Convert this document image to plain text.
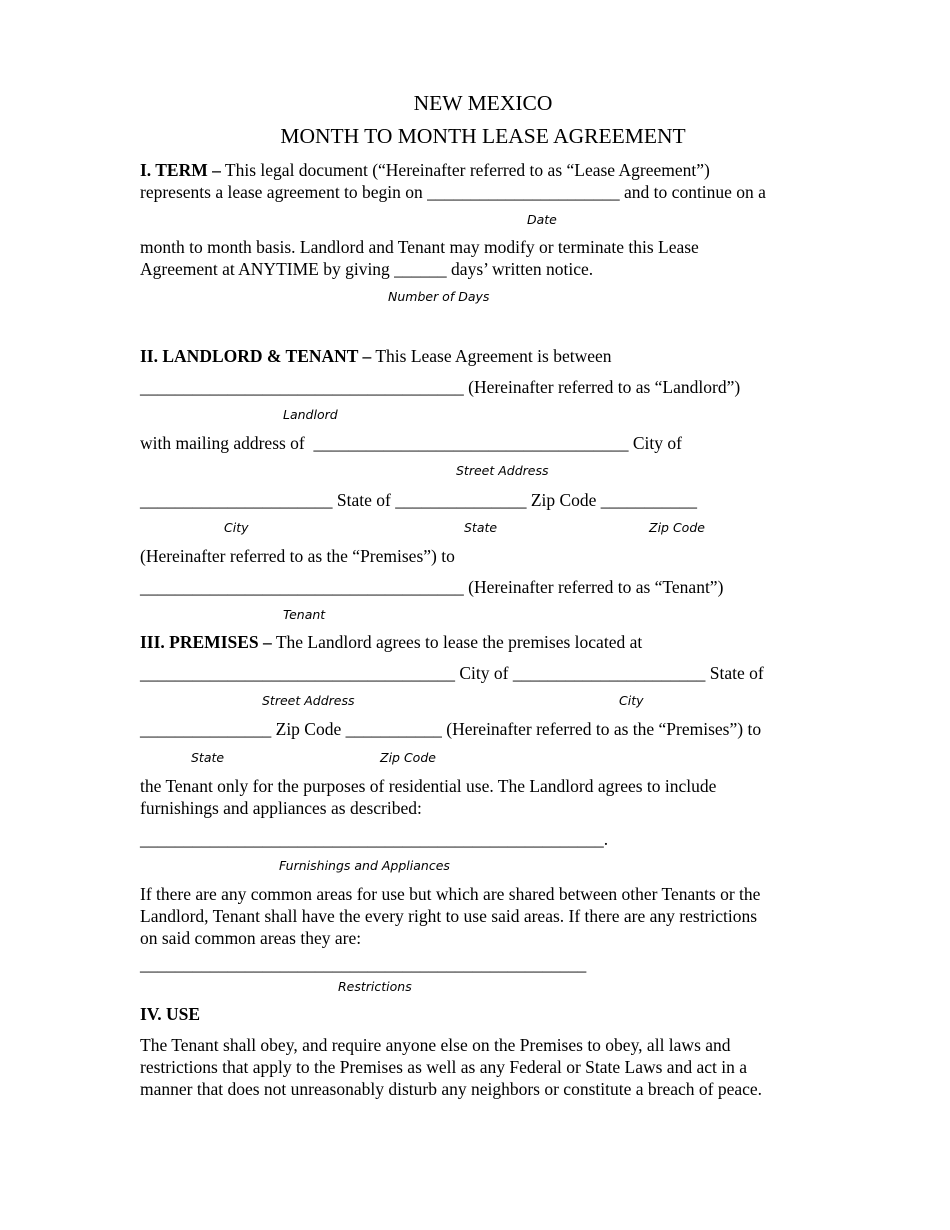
NEW MEXICO
MONTH TO MONTH LEASE AGREEMENT
I. TERM – This legal document (“Hereinafter referred to as “Lease Agreement”)
represents a lease agreement to begin on ______________________ and to continue on a
Date
month to month basis. Landlord and Tenant may modify or terminate this Lease
Agreement at ANYTIME by giving ______ days’ written notice.
Number of Days
II. LANDLORD & TENANT – This Lease Agreement is between
_____________________________________ (Hereinafter referred to as “Landlord”)
Landlord
with mailing address of  ____________________________________ City of
Street Address
______________________ State of _______________ Zip Code ___________
City	State	Zip Code
(Hereinafter referred to as the “Premises”) to
_____________________________________ (Hereinafter referred to as “Tenant”)
Tenant
III. PREMISES – The Landlord agrees to lease the premises located at
____________________________________ City of ______________________ State of
Street Address	City
_______________ Zip Code ___________ (Hereinafter referred to as the “Premises”) to
State	Zip Code
the Tenant only for the purposes of residential use. The Landlord agrees to include
furnishings and appliances as described:
_____________________________________________________.
Furnishings and Appliances
If there are any common areas for use but which are shared between other Tenants or the
Landlord, Tenant shall have the every right to use said areas. If there are any restrictions
on said common areas they are:
___________________________________________________
Restrictions
IV. USE
The Tenant shall obey, and require anyone else on the Premises to obey, all laws and
restrictions that apply to the Premises as well as any Federal or State Laws and act in a
manner that does not unreasonably disturb any neighbors or constitute a breach of peace.
